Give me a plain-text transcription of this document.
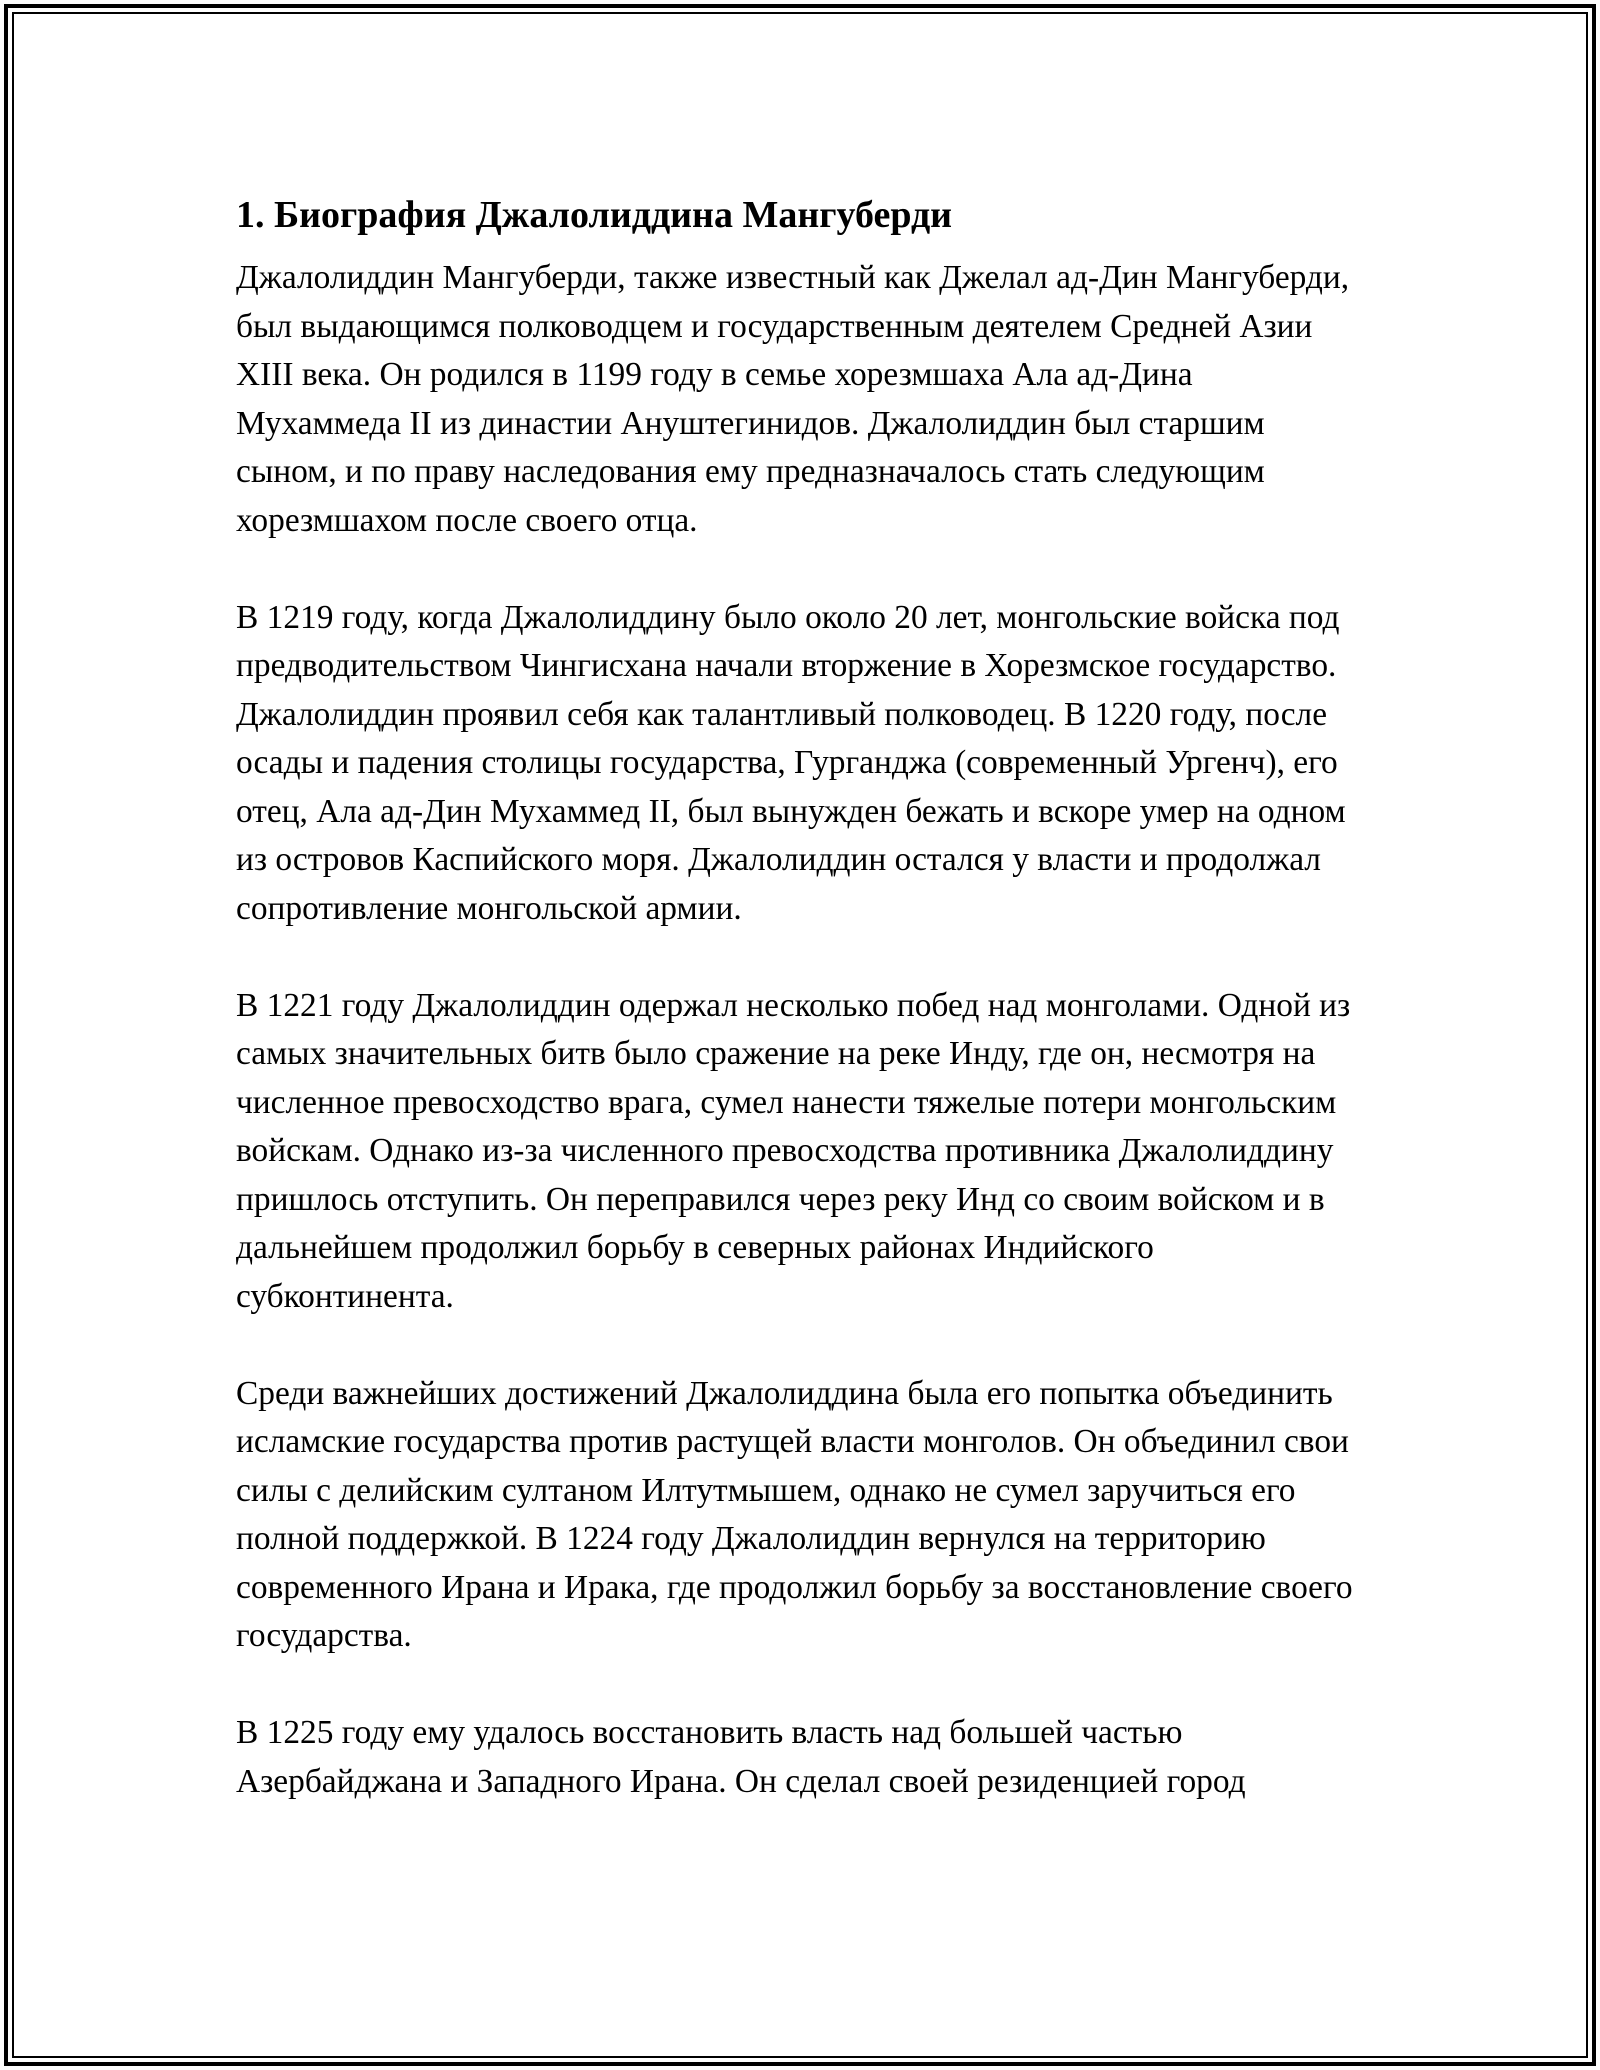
1. Биография Джалолиддина Мангуберди

Джалолиддин Мангуберди, также известный как Джелал ад-Дин Мангуберди, был выдающимся полководцем и государственным деятелем Средней Азии XIII века. Он родился в 1199 году в семье хорезмшаха Ала ад-Дина Мухаммеда II из династии Ануштегинидов. Джалолиддин был старшим сыном, и по праву наследования ему предназначалось стать следующим хорезмшахом после своего отца.

В 1219 году, когда Джалолиддину было около 20 лет, монгольские войска под предводительством Чингисхана начали вторжение в Хорезмское государство. Джалолиддин проявил себя как талантливый полководец. В 1220 году, после осады и падения столицы государства, Гурганджа (современный Ургенч), его отец, Ала ад-Дин Мухаммед II, был вынужден бежать и вскоре умер на одном из островов Каспийского моря. Джалолиддин остался у власти и продолжал сопротивление монгольской армии.

В 1221 году Джалолиддин одержал несколько побед над монголами. Одной из самых значительных битв было сражение на реке Инду, где он, несмотря на численное превосходство врага, сумел нанести тяжелые потери монгольским войскам. Однако из-за численного превосходства противника Джалолиддину пришлось отступить. Он переправился через реку Инд со своим войском и в дальнейшем продолжил борьбу в северных районах Индийского субконтинента.

Среди важнейших достижений Джалолиддина была его попытка объединить исламские государства против растущей власти монголов. Он объединил свои силы с делийским султаном Илтутмышем, однако не сумел заручиться его полной поддержкой. В 1224 году Джалолиддин вернулся на территорию современного Ирана и Ирака, где продолжил борьбу за восстановление своего государства.

В 1225 году ему удалось восстановить власть над большей частью Азербайджана и Западного Ирана. Он сделал своей резиденцией город
